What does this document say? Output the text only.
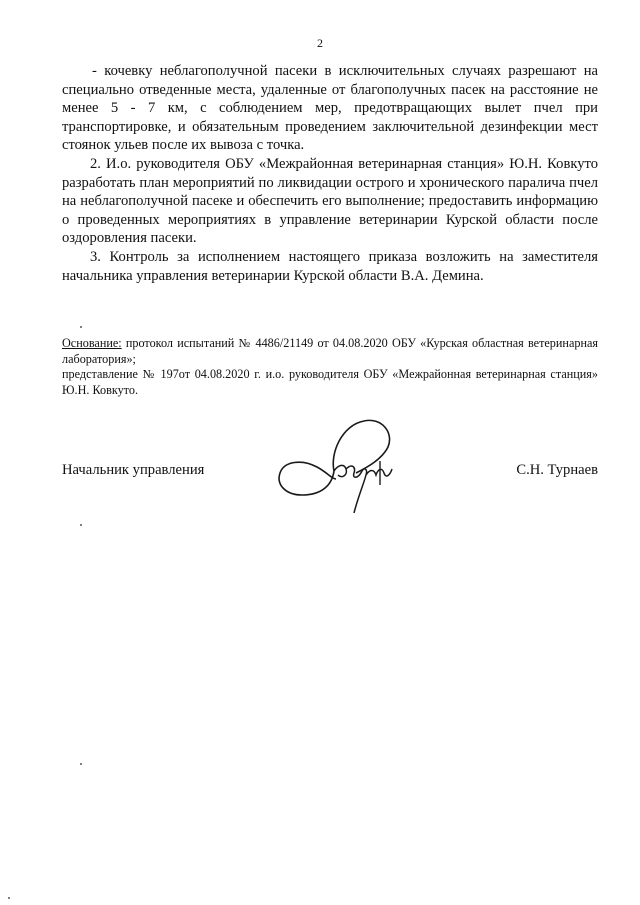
2

- кочевку неблагополучной пасеки в исключительных случаях разрешают на специально отведенные места, удаленные от благополучных пасек на расстояние не менее 5 - 7 км, с соблюдением мер, предотвращающих вылет пчел при транспортировке, и обязательным проведением заключительной дезинфекции мест стоянок ульев после их вывоза с точка.

2. И.о. руководителя ОБУ «Межрайонная ветеринарная станция» Ю.Н. Ковкуто разработать план мероприятий по ликвидации острого и хронического паралича пчел на неблагополучной пасеке и обеспечить его выполнение; предоставить информацию о проведенных мероприятиях в управление ветеринарии Курской области после оздоровления пасеки.

3. Контроль за исполнением настоящего приказа возложить на заместителя начальника управления ветеринарии Курской области В.А. Демина.

Основание: протокол испытаний № 4486/21149 от 04.08.2020 ОБУ «Курская областная ветеринарная лаборатория»;

представление № 197от 04.08.2020 г. и.о. руководителя ОБУ «Межрайонная ветеринарная станция» Ю.Н. Ковкуто.

Начальник управления	С.Н. Турнаев
